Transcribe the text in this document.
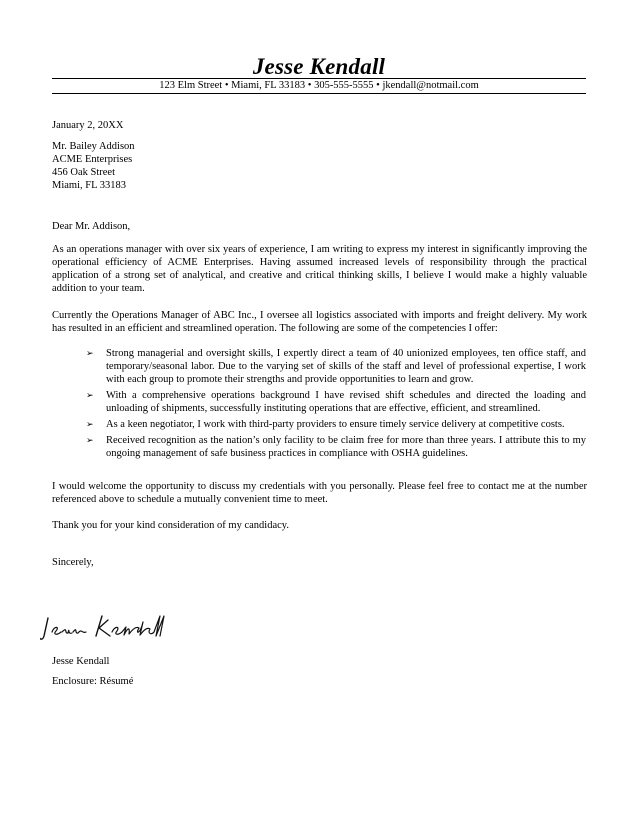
Jesse Kendall
123 Elm Street • Miami, FL 33183 • 305-555-5555 • jkendall@notmail.com
January 2, 20XX

Mr. Bailey Addison

ACME Enterprises

456 Oak Street

Miami, FL 33183

Dear Mr. Addison,
As an operations manager with over six years of experience, I am writing to express my interest in significantly improving the operational efficiency of ACME Enterprises. Having assumed increased levels of responsibility through the practical application of a strong set of analytical, and creative and critical thinking skills, I believe I would make a highly valuable addition to your team.
Currently the Operations Manager of ABC Inc., I oversee all logistics associated with imports and freight delivery. My work has resulted in an efficient and streamlined operation. The following are some of the competencies I offer:
➢ Strong managerial and oversight skills, I expertly direct a team of 40 unionized employees, ten office staff, and temporary/seasonal labor. Due to the varying set of skills of the staff and level of professional expertise, I work with each group to promote their strengths and provide opportunities to learn and grow.
➢ With a comprehensive operations background I have revised shift schedules and directed the loading and unloading of shipments, successfully instituting operations that are effective, efficient, and streamlined.
➢ As a keen negotiator, I work with third-party providers to ensure timely service delivery at competitive costs.
➢ Received recognition as the nation’s only facility to be claim free for more than three years. I attribute this to my ongoing management of safe business practices in compliance with OSHA guidelines.
I would welcome the opportunity to discuss my credentials with you personally. Please feel free to contact me at the number referenced above to schedule a mutually convenient time to meet.
Thank you for your kind consideration of my candidacy.
Sincerely,
Jesse Kendall
Enclosure: Résumé
